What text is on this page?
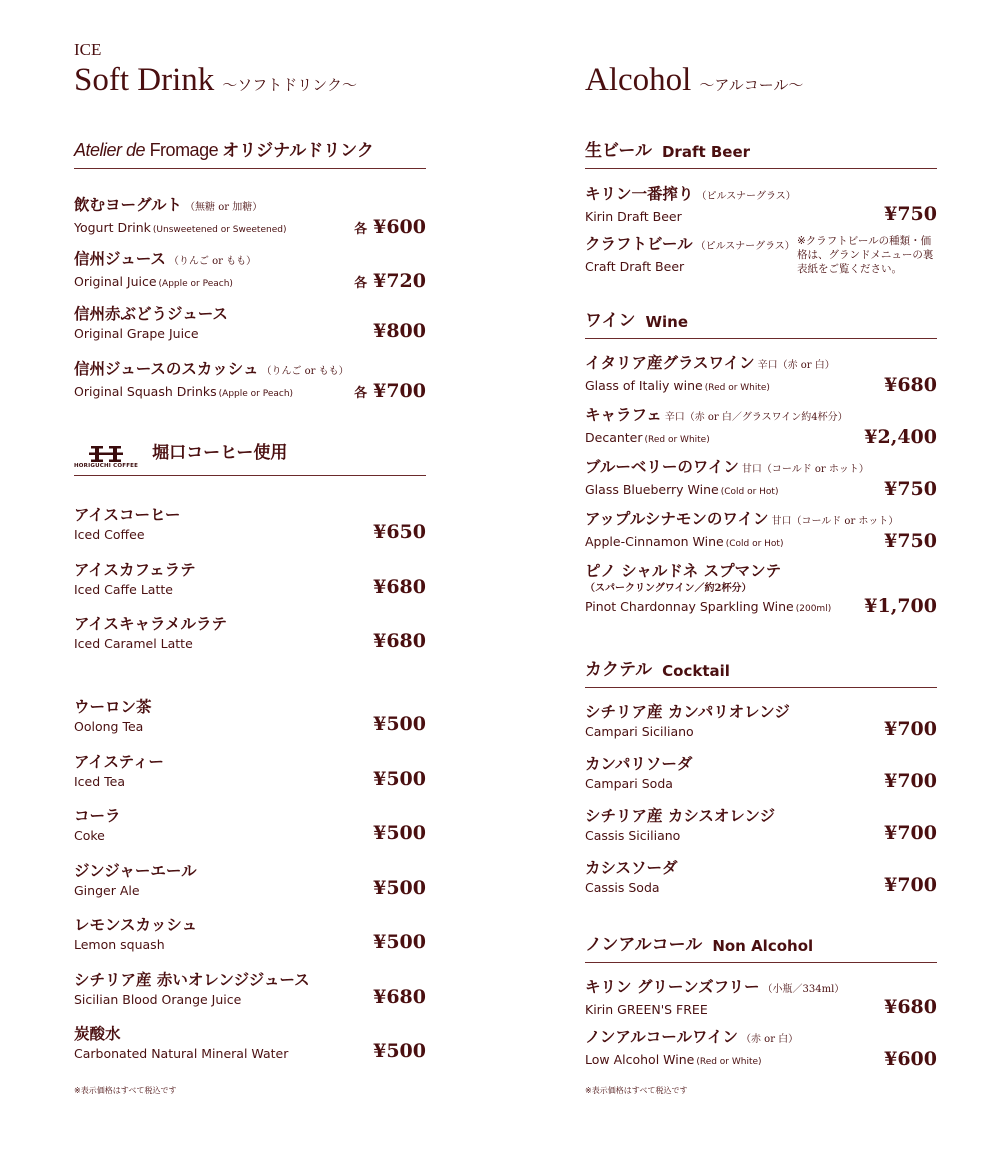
ICE
Soft Drink ～ソフトドリンク～
Atelier de Fromage オリジナルドリンク
飲むヨーグルト （無糖 or 加糖）
Yogurt Drink (Unsweetened or Sweetened)	各 ¥600
信州ジュース （りんご or もも）
Original Juice (Apple or Peach)	各 ¥720
信州赤ぶどうジュース
Original Grape Juice	¥800
信州ジュースのスカッシュ （りんご or もも）
Original Squash Drinks (Apple or Peach)	各 ¥700
HORIGUCHI COFFEE
堀口コーヒー使用
アイスコーヒー
Iced Coffee	¥650
アイスカフェラテ
Iced Caffe Latte	¥680
アイスキャラメルラテ
Iced Caramel Latte	¥680
ウーロン茶
Oolong Tea	¥500
アイスティー
Iced Tea	¥500
コーラ
Coke	¥500
ジンジャーエール
Ginger Ale	¥500
レモンスカッシュ
Lemon squash	¥500
シチリア産 赤いオレンジジュース
Sicilian Blood Orange Juice	¥680
炭酸水
Carbonated Natural Mineral Water	¥500
※表示価格はすべて税込です
Alcohol ～アルコール～
生ビール Draft Beer
キリン一番搾り （ピルスナーグラス）
Kirin Draft Beer	¥750
クラフトビール （ピルスナーグラス）
Craft Draft Beer
※クラフトビールの種類・価格は、グランドメニューの裏表紙をご覧ください。
ワイン Wine
イタリア産グラスワイン 辛口（赤 or 白）
Glass of Italiy wine (Red or White)	¥680
キャラフェ 辛口（赤 or 白／グラスワイン約4杯分）
Decanter (Red or White)	¥2,400
ブルーベリーのワイン 甘口（コールド or ホット）
Glass Blueberry Wine (Cold or Hot)	¥750
アップルシナモンのワイン 甘口（コールド or ホット）
Apple-Cinnamon Wine (Cold or Hot)	¥750
ピノ シャルドネ スプマンテ
（スパークリングワイン／約2杯分）
Pinot Chardonnay Sparkling Wine (200ml)	¥1,700
カクテル Cocktail
シチリア産 カンパリオレンジ
Campari Siciliano	¥700
カンパリソーダ
Campari Soda	¥700
シチリア産 カシスオレンジ
Cassis Siciliano	¥700
カシスソーダ
Cassis Soda	¥700
ノンアルコール Non Alcohol
キリン グリーンズフリー （小瓶／334ml）
Kirin GREEN'S FREE	¥680
ノンアルコールワイン （赤 or 白）
Low Alcohol Wine (Red or White)	¥600
※表示価格はすべて税込です
